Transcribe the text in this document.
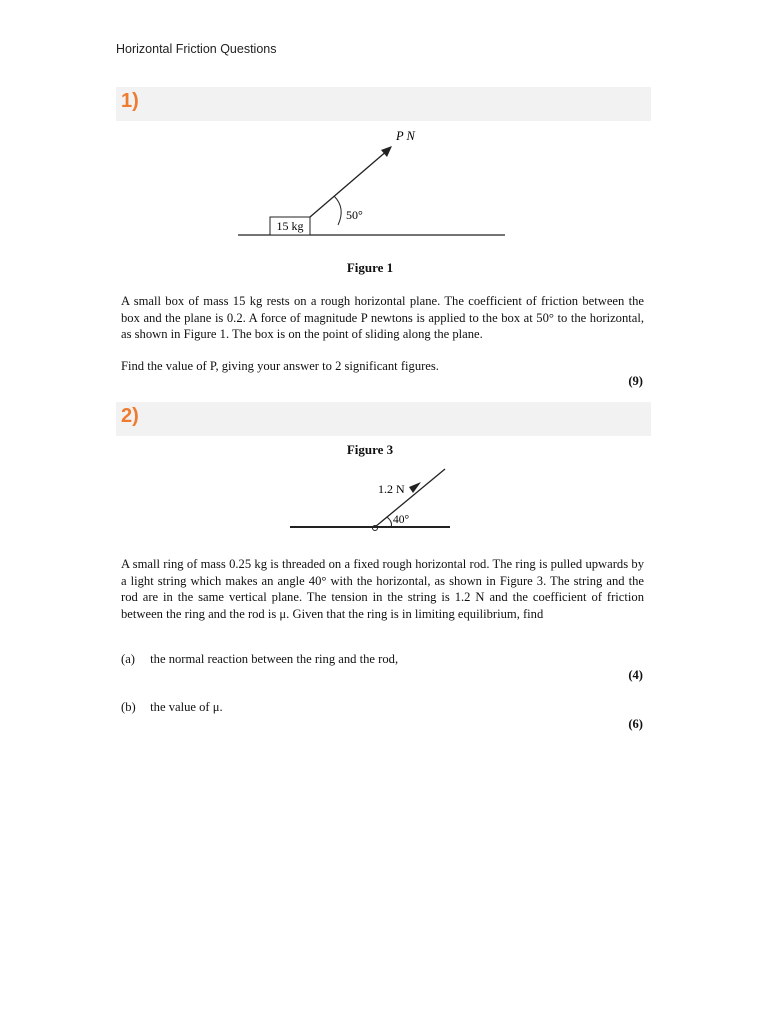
Horizontal Friction Questions
1)
15 kg
50°
P N
Figure 1
A small box of mass 15 kg rests on a rough horizontal plane. The coefficient of friction between the box and the plane is 0.2. A force of magnitude P newtons is applied to the box at 50° to the horizontal, as shown in Figure 1. The box is on the point of sliding along the plane.
Find the value of P, giving your answer to 2 significant figures.
(9)
2)
Figure 3
40°
1.2 N
A small ring of mass 0.25 kg is threaded on a fixed rough horizontal rod. The ring is pulled upwards by a light string which makes an angle 40° with the horizontal, as shown in Figure 3. The string and the rod are in the same vertical plane. The tension in the string is 1.2 N and the coefficient of friction between the ring and the rod is μ. Given that the ring is in limiting equilibrium, find
(a) the normal reaction between the ring and the rod,
(4)
(b) the value of μ.
(6)
